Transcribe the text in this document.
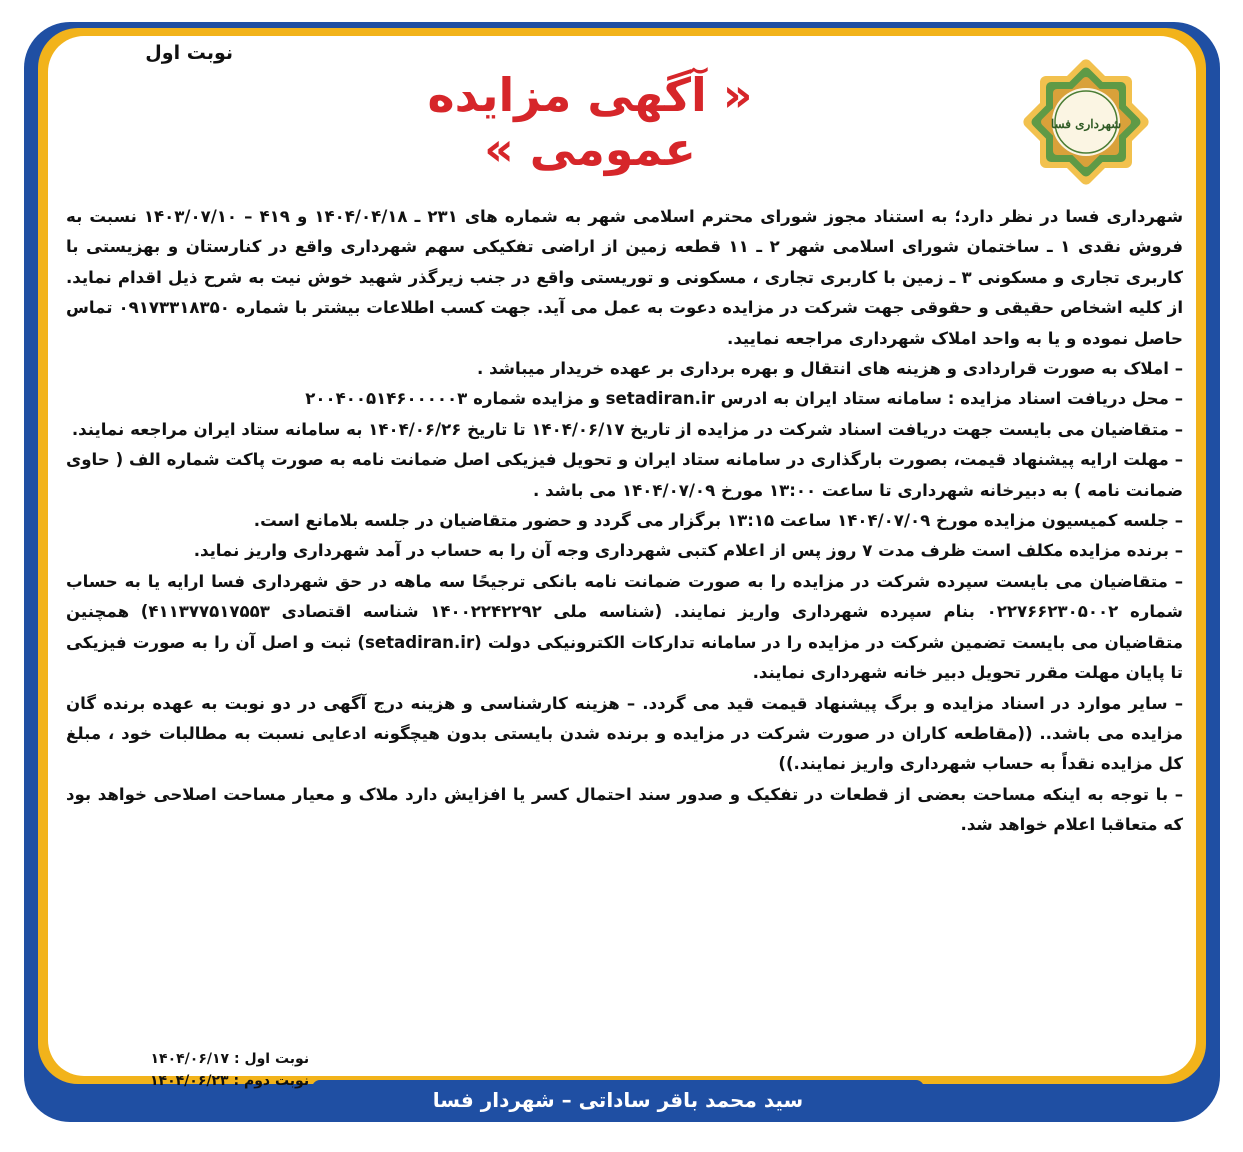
نوبت اول
« آگهی مزایده عمومی »	شهرداری فسا

شهرداری فسا در نظر دارد؛ به استناد مجوز شورای محترم اسلامی شهر به شماره های ۲۳۱ ـ ۱۴۰۴/۰۴/۱۸ و ۴۱۹ – ۱۴۰۳/۰۷/۱۰ نسبت به فروش نقدی ۱ ـ ساختمان شورای اسلامی شهر ۲ ـ ۱۱ قطعه زمین از اراضی تفکیکی سهم شهرداری واقع در کنارستان و بهزیستی با کاربری تجاری و مسکونی ۳ ـ زمین با کاربری تجاری ، مسکونی و توریستی واقع در جنب زیرگذر شهید خوش نیت به شرح ذیل اقدام نماید. از کلیه اشخاص حقیقی و حقوقی جهت شرکت در مزایده دعوت به عمل می آید. جهت کسب اطلاعات بیشتر با شماره ۰۹۱۷۳۳۱۸۳۵۰ تماس حاصل نموده و یا به واحد املاک شهرداری مراجعه نمایید.

– املاک به صورت قراردادی و هزینه های انتقال و بهره برداری بر عهده خریدار میباشد .

– محل دریافت اسناد مزایده : سامانه ستاد ایران به ادرس setadiran.ir و مزایده شماره ۲۰۰۴۰۰۵۱۴۶۰۰۰۰۰۳

– متقاضیان می بایست جهت دریافت اسناد شرکت در مزایده از تاریخ ۱۴۰۴/۰۶/۱۷ تا تاریخ ۱۴۰۴/۰۶/۲۶ به سامانه ستاد ایران مراجعه نمایند.

– مهلت ارایه پیشنهاد قیمت، بصورت بارگذاری در سامانه ستاد ایران و تحویل فیزیکی اصل ضمانت نامه به صورت پاکت شماره الف ( حاوی ضمانت نامه ) به دبیرخانه شهرداری تا ساعت ۱۳:۰۰ مورخ ۱۴۰۴/۰۷/۰۹ می باشد .

– جلسه کمیسیون مزایده مورخ ۱۴۰۴/۰۷/۰۹ ساعت ۱۳:۱۵ برگزار می گردد و حضور متقاضیان در جلسه بلامانع است.

– برنده مزایده مکلف است ظرف مدت ۷ روز پس از اعلام کتبی شهرداری وجه آن را به حساب در آمد شهرداری واریز نماید.

– متقاضیان می بایست سپرده شرکت در مزایده را به صورت ضمانت نامه بانکی ترجیحًا سه ماهه در حق شهرداری فسا ارایه یا به حساب شماره ۰۲۲۷۶۶۲۳۰۵۰۰۲ بنام سپرده شهرداری واریز نمایند. (شناسه ملی ۱۴۰۰۲۲۴۲۲۹۲ شناسه اقتصادی ۴۱۱۳۷۷۵۱۷۵۵۳) همچنین متقاضیان می بایست تضمین شرکت در مزایده را در سامانه تدارکات الکترونیکی دولت (setadiran.ir) ثبت و اصل آن را به صورت فیزیکی تا پایان مهلت مقرر تحویل دبیر خانه شهرداری نمایند.

– سایر موارد در اسناد مزایده و برگ پیشنهاد قیمت قید می گردد. – هزینه کارشناسی و هزینه درج آگهی در دو نوبت به عهده برنده گان مزایده می باشد.. ((مقاطعه کاران در صورت شرکت در مزایده و برنده شدن بایستی بدون هیچگونه ادعایی نسبت به مطالبات خود ، مبلغ کل مزایده نقداً به حساب شهرداری واریز نمایند.))

– با توجه به اینکه مساحت بعضی از قطعات در تفکیک و صدور سند احتمال کسر یا افزایش دارد ملاک و معیار مساحت اصلاحی خواهد بود که متعاقبا اعلام خواهد شد.

نوبت اول : ۱۴۰۴/۰۶/۱۷
نوبت دوم : ۱۴۰۴/۰۶/۲۳
سید محمد باقر ساداتی – شهردار فسا
